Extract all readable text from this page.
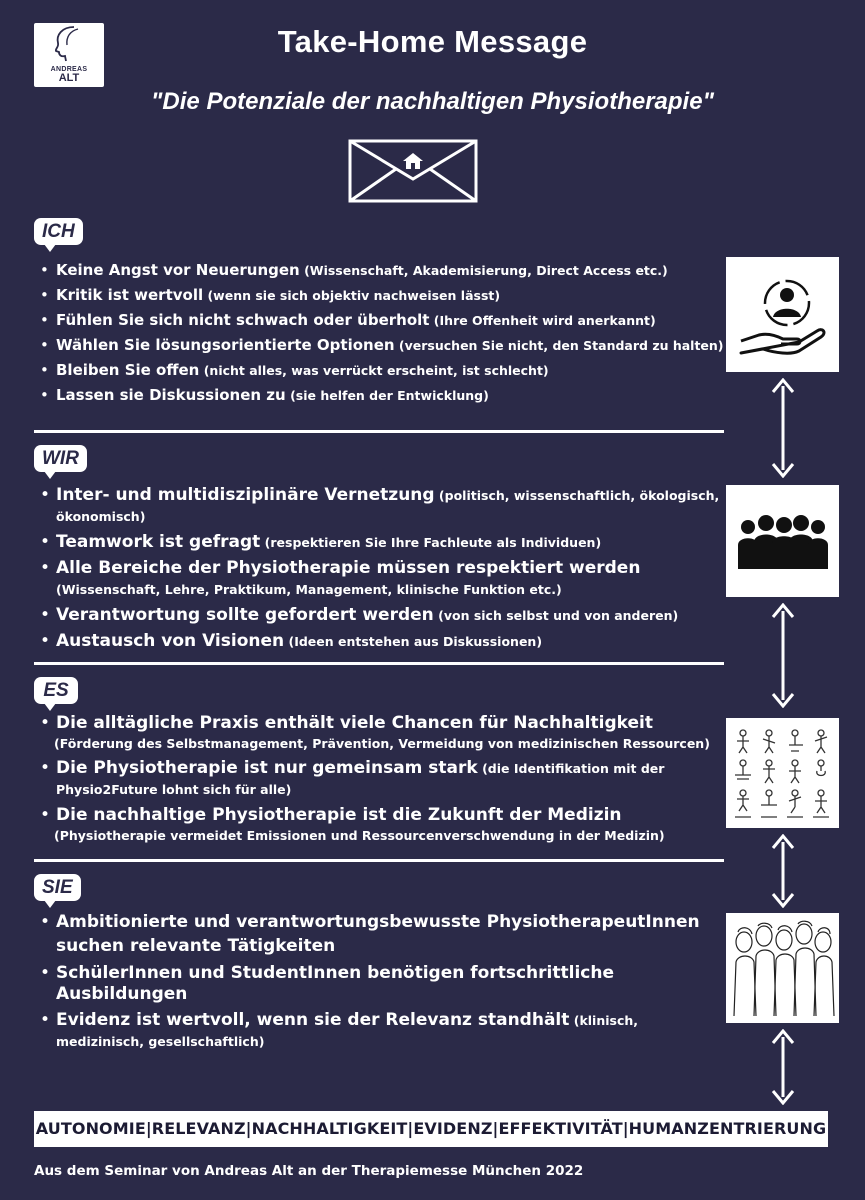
ANDREAS
ALT
Take-Home Message
"Die Potenziale der nachhaltigen Physiotherapie"
ICH
• Keine Angst vor Neuerungen (Wissenschaft, Akademisierung, Direct Access etc.)
• Kritik ist wertvoll (wenn sie sich objektiv nachweisen lässt)
• Fühlen Sie sich nicht schwach oder überholt (Ihre Offenheit wird anerkannt)
• Wählen Sie lösungsorientierte Optionen (versuchen Sie nicht, den Standard zu halten)
• Bleiben Sie offen (nicht alles, was verrückt erscheint, ist schlecht)
• Lassen sie Diskussionen zu (sie helfen der Entwicklung)
WIR
• Inter- und multidisziplinäre Vernetzung (politisch, wissenschaftlich, ökologisch, ökonomisch)
• Teamwork ist gefragt (respektieren Sie Ihre Fachleute als Individuen)
• Alle Bereiche der Physiotherapie müssen respektiert werden (Wissenschaft, Lehre, Praktikum, Management, klinische Funktion etc.)
• Verantwortung sollte gefordert werden (von sich selbst und von anderen)
• Austausch von Visionen (Ideen entstehen aus Diskussionen)
ES
• Die alltägliche Praxis enthält viele Chancen für Nachhaltigkeit
(Förderung des Selbstmanagement, Prävention, Vermeidung von medizinischen Ressourcen)
• Die Physiotherapie ist nur gemeinsam stark (die Identifikation mit der Physio2Future lohnt sich für alle)
• Die nachhaltige Physiotherapie ist die Zukunft der Medizin
(Physiotherapie vermeidet Emissionen und Ressourcenverschwendung in der Medizin)
SIE
• Ambitionierte und verantwortungsbewusste PhysiotherapeutInnen suchen relevante Tätigkeiten
• SchülerInnen und StudentInnen benötigen fortschrittliche Ausbildungen
• Evidenz ist wertvoll, wenn sie der Relevanz standhält (klinisch, medizinisch, gesellschaftlich)
AUTONOMIE|RELEVANZ|NACHHALTIGKEIT|EVIDENZ|EFFEKTIVITÄT|HUMANZENTRIERUNG
Aus dem Seminar von Andreas Alt an der Therapiemesse München 2022
